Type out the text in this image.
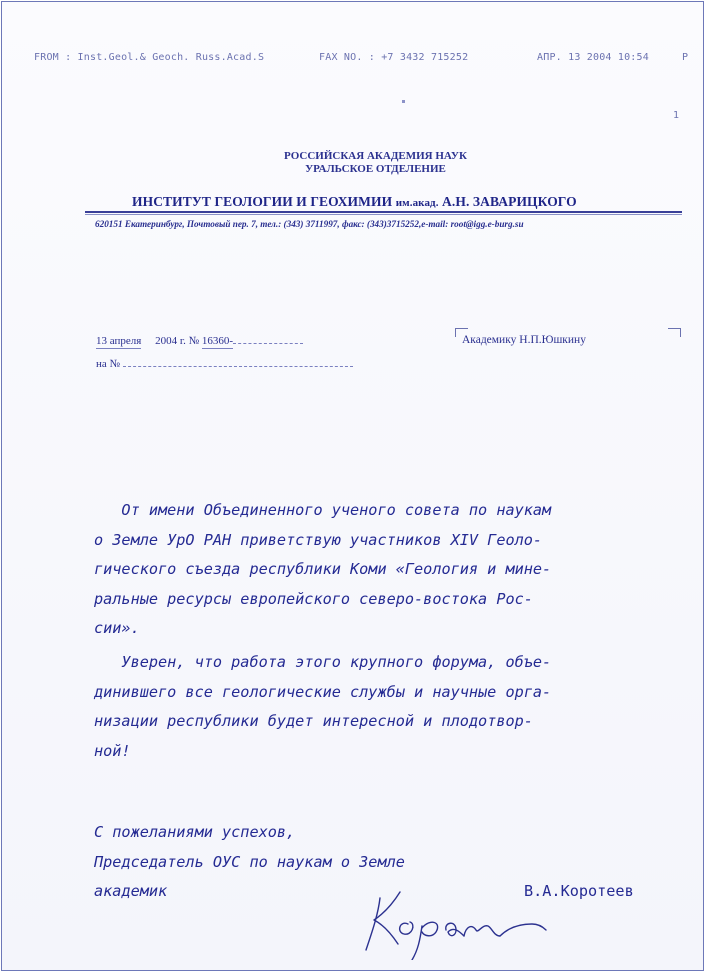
FROM : Inst.Geol.& Geoch. Russ.Acad.S	FAX NO. : +7 3432 715252	АПР. 13 2004 10:54	P
1
РОССИЙСКАЯ АКАДЕМИЯ НАУК
УРАЛЬСКОЕ ОТДЕЛЕНИЕ
ИНСТИТУТ ГЕОЛОГИИ И ГЕОХИМИИ им.акад. А.Н. ЗАВАРИЦКОГО
620151 Екатеринбург, Почтовый пер. 7, тел.: (343) 3711997, факс: (343)3715252,e-mail: root@igg.e-burg.su
13 апреля 2004 г. № 16360-
на №
Академику Н.П.Юшкину
От имени Объединенного ученого совета по наукам
о Земле УрО РАН приветствую участников XIV Геоло-
гического съезда республики Коми «Геология и мине-
ральные ресурсы европейского северо-востока Рос-
сии».
Уверен, что работа этого крупного форума, объе-
динившего все геологические службы и научные орга-
низации республики будет интересной и плодотвор-
ной!
С пожеланиями успехов,
Председатель ОУС по наукам о Земле
академик	В.А.Коротеев
